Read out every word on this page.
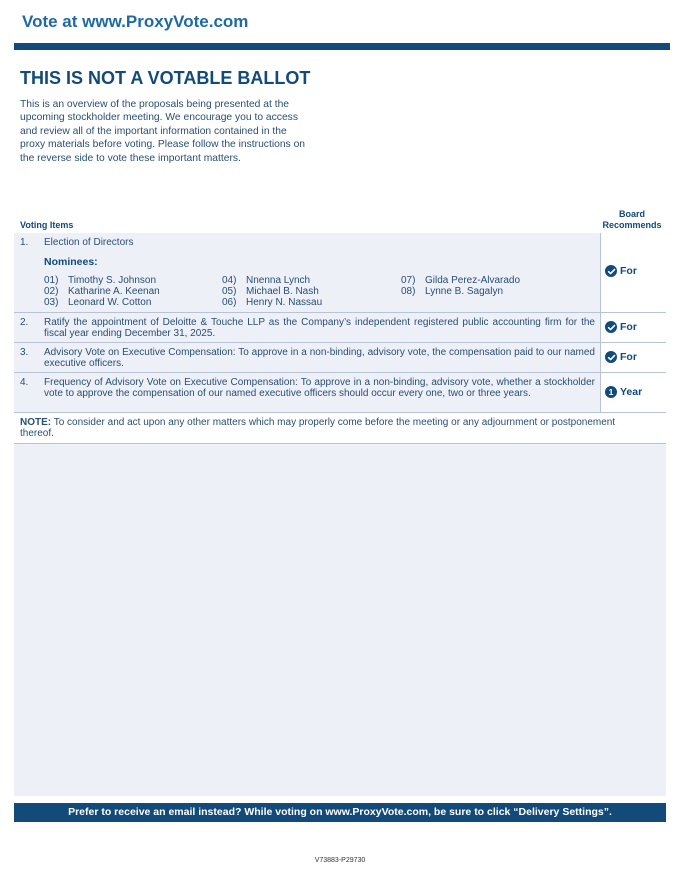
Vote at www.ProxyVote.com
THIS IS NOT A VOTABLE BALLOT
This is an overview of the proposals being presented at the
upcoming stockholder meeting. We encourage you to access
and review all of the important information contained in the
proxy materials before voting. Please follow the instructions on
the reverse side to vote these important matters.
Voting Items
Board
Recommends
1. Election of Directors
Nominees:
01) Timothy S. Johnson
02) Katharine A. Keenan
03) Leonard W. Cotton
04) Nnenna Lynch
05) Michael B. Nash
06) Henry N. Nassau
07) Gilda Perez-Alvarado
08) Lynne B. Sagalyn
For
2. Ratify the appointment of Deloitte & Touche LLP as the Company’s independent registered public accounting firm for the fiscal year ending December 31, 2025.
For
3. Advisory Vote on Executive Compensation: To approve in a non-binding, advisory vote, the compensation paid to our named executive officers.
For
4. Frequency of Advisory Vote on Executive Compensation: To approve in a non-binding, advisory vote, whether a stockholder vote to approve the compensation of our named executive officers should occur every one, two or three years.	1 Year
NOTE: To consider and act upon any other matters which may properly come before the meeting or any adjournment or postponement thereof.
Prefer to receive an email instead? While voting on www.ProxyVote.com, be sure to click “Delivery Settings”.
V73883-P29730
